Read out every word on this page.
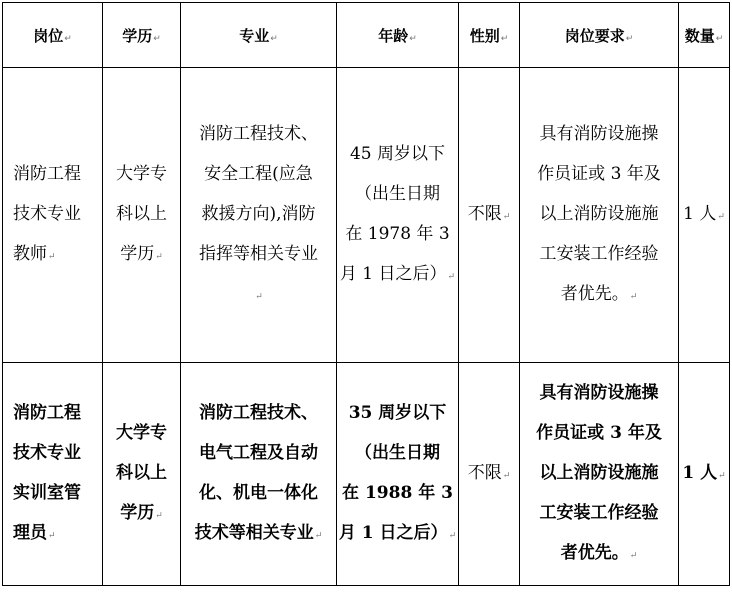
岗位↵	学历↵	专业↵	年龄↵	性别↵	岗位要求↵	数量↵

消防工程
技术专业
教师↵	大学专
科以上
学历↵	消防工程技术、
安全工程(应急
救援方向),消防
指挥等相关专业
↵	45 周岁以下
（出生日期
在 1978 年 3
月 1 日之后）↵	不限↵	具有消防设施操
作员证或 3 年及
以上消防设施施
工安装工作经验
者优先。↵	1 人↵

消防工程
技术专业
实训室管
理员↵	大学专
科以上
学历↵	消防工程技术、
电气工程及自动
化、机电一体化
技术等相关专业↵	35 周岁以下
（出生日期
在 1988 年 3
月 1 日之后）↵	不限↵	具有消防设施操
作员证或 3 年及
以上消防设施施
工安装工作经验
者优先。↵	1 人↵
